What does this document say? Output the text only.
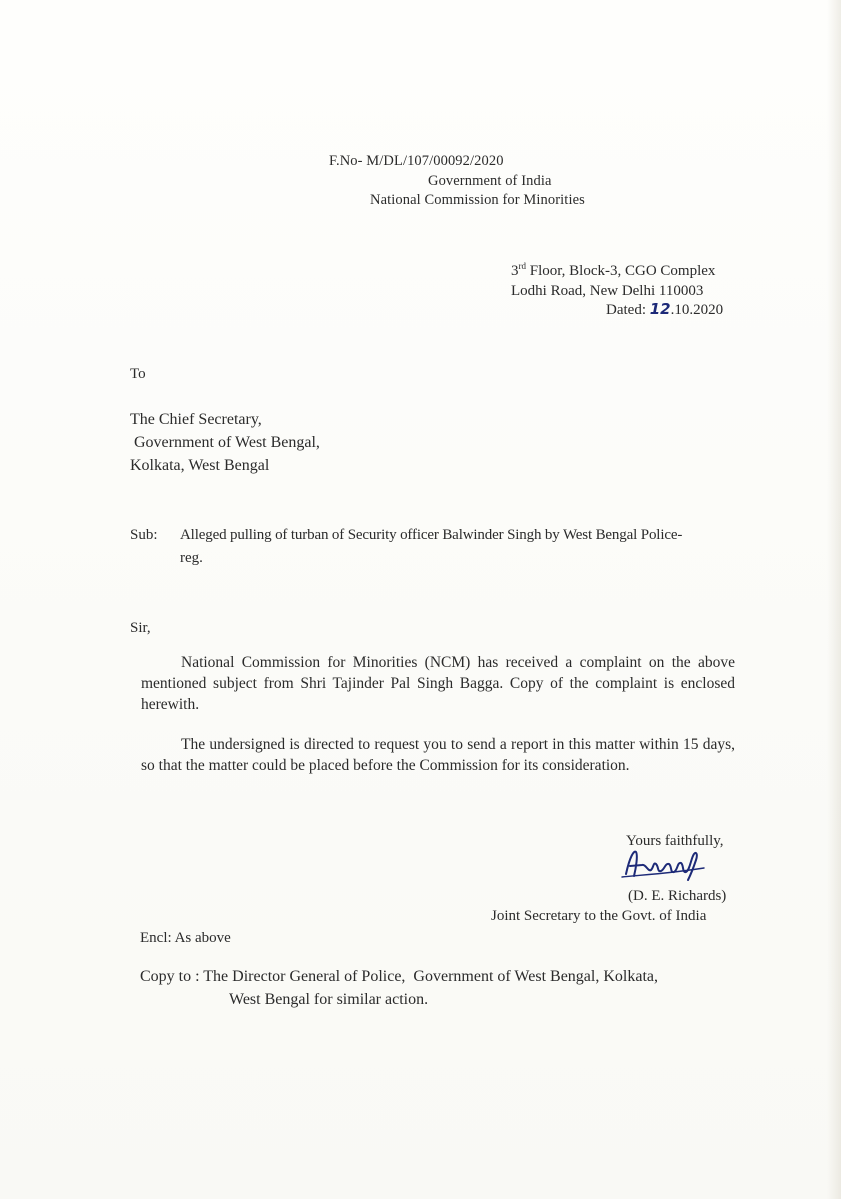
F.No- M/DL/107/00092/2020
Government of India
National Commission for Minorities
3rd Floor, Block-3, CGO Complex
Lodhi Road, New Delhi 110003
Dated: 12.10.2020
To
The Chief Secretary,
Government of West Bengal,
Kolkata, West Bengal
Sub: Alleged pulling of turban of Security officer Balwinder Singh by West Bengal Police-
reg.
Sir,
National Commission for Minorities (NCM) has received a complaint on the above mentioned subject from Shri Tajinder Pal Singh Bagga. Copy of the complaint is enclosed herewith.
The undersigned is directed to request you to send a report in this matter within 15 days, so that the matter could be placed before the Commission for its consideration.
Yours faithfully,
(D. E. Richards)
Joint Secretary to the Govt. of India
Encl: As above
Copy to : The Director General of Police,  Government of West Bengal, Kolkata,
West Bengal for similar action.
